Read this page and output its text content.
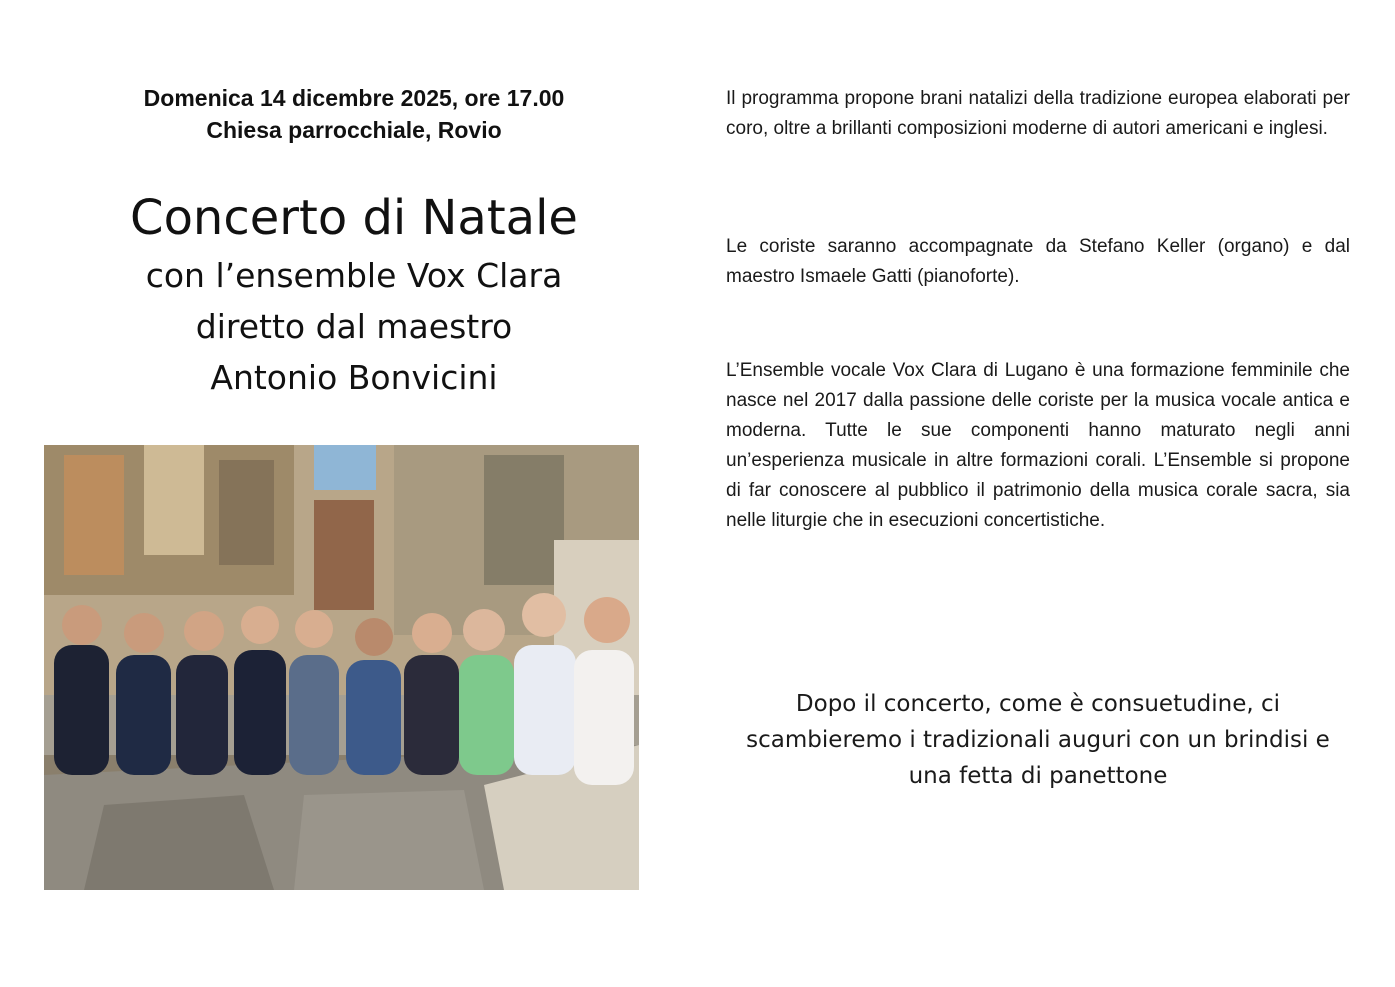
Domenica 14 dicembre 2025, ore 17.00

Chiesa parrocchiale, Rovio

Concerto di Natale

con l’ensemble Vox Clara

diretto dal maestro

Antonio Bonvicini

Il programma propone brani natalizi della tradizione europea elaborati per coro, oltre a brillanti composizioni moderne di autori americani e inglesi.

Le coriste saranno accompagnate da Stefano Keller (organo) e dal maestro Ismaele Gatti (pianoforte).

L’Ensemble vocale Vox Clara di Lugano è una formazione femminile che nasce nel 2017 dalla passione delle coriste per la musica vocale antica e moderna. Tutte le sue componenti hanno maturato negli anni un’esperienza musicale in altre formazioni corali. L’Ensemble si propone di far conoscere al pubblico il patrimonio della musica corale sacra, sia nelle liturgie che in esecuzioni concertistiche.

Dopo il concerto, come è consuetudine, ci
scambieremo i tradizionali auguri con un brindisi e
una fetta di panettone
